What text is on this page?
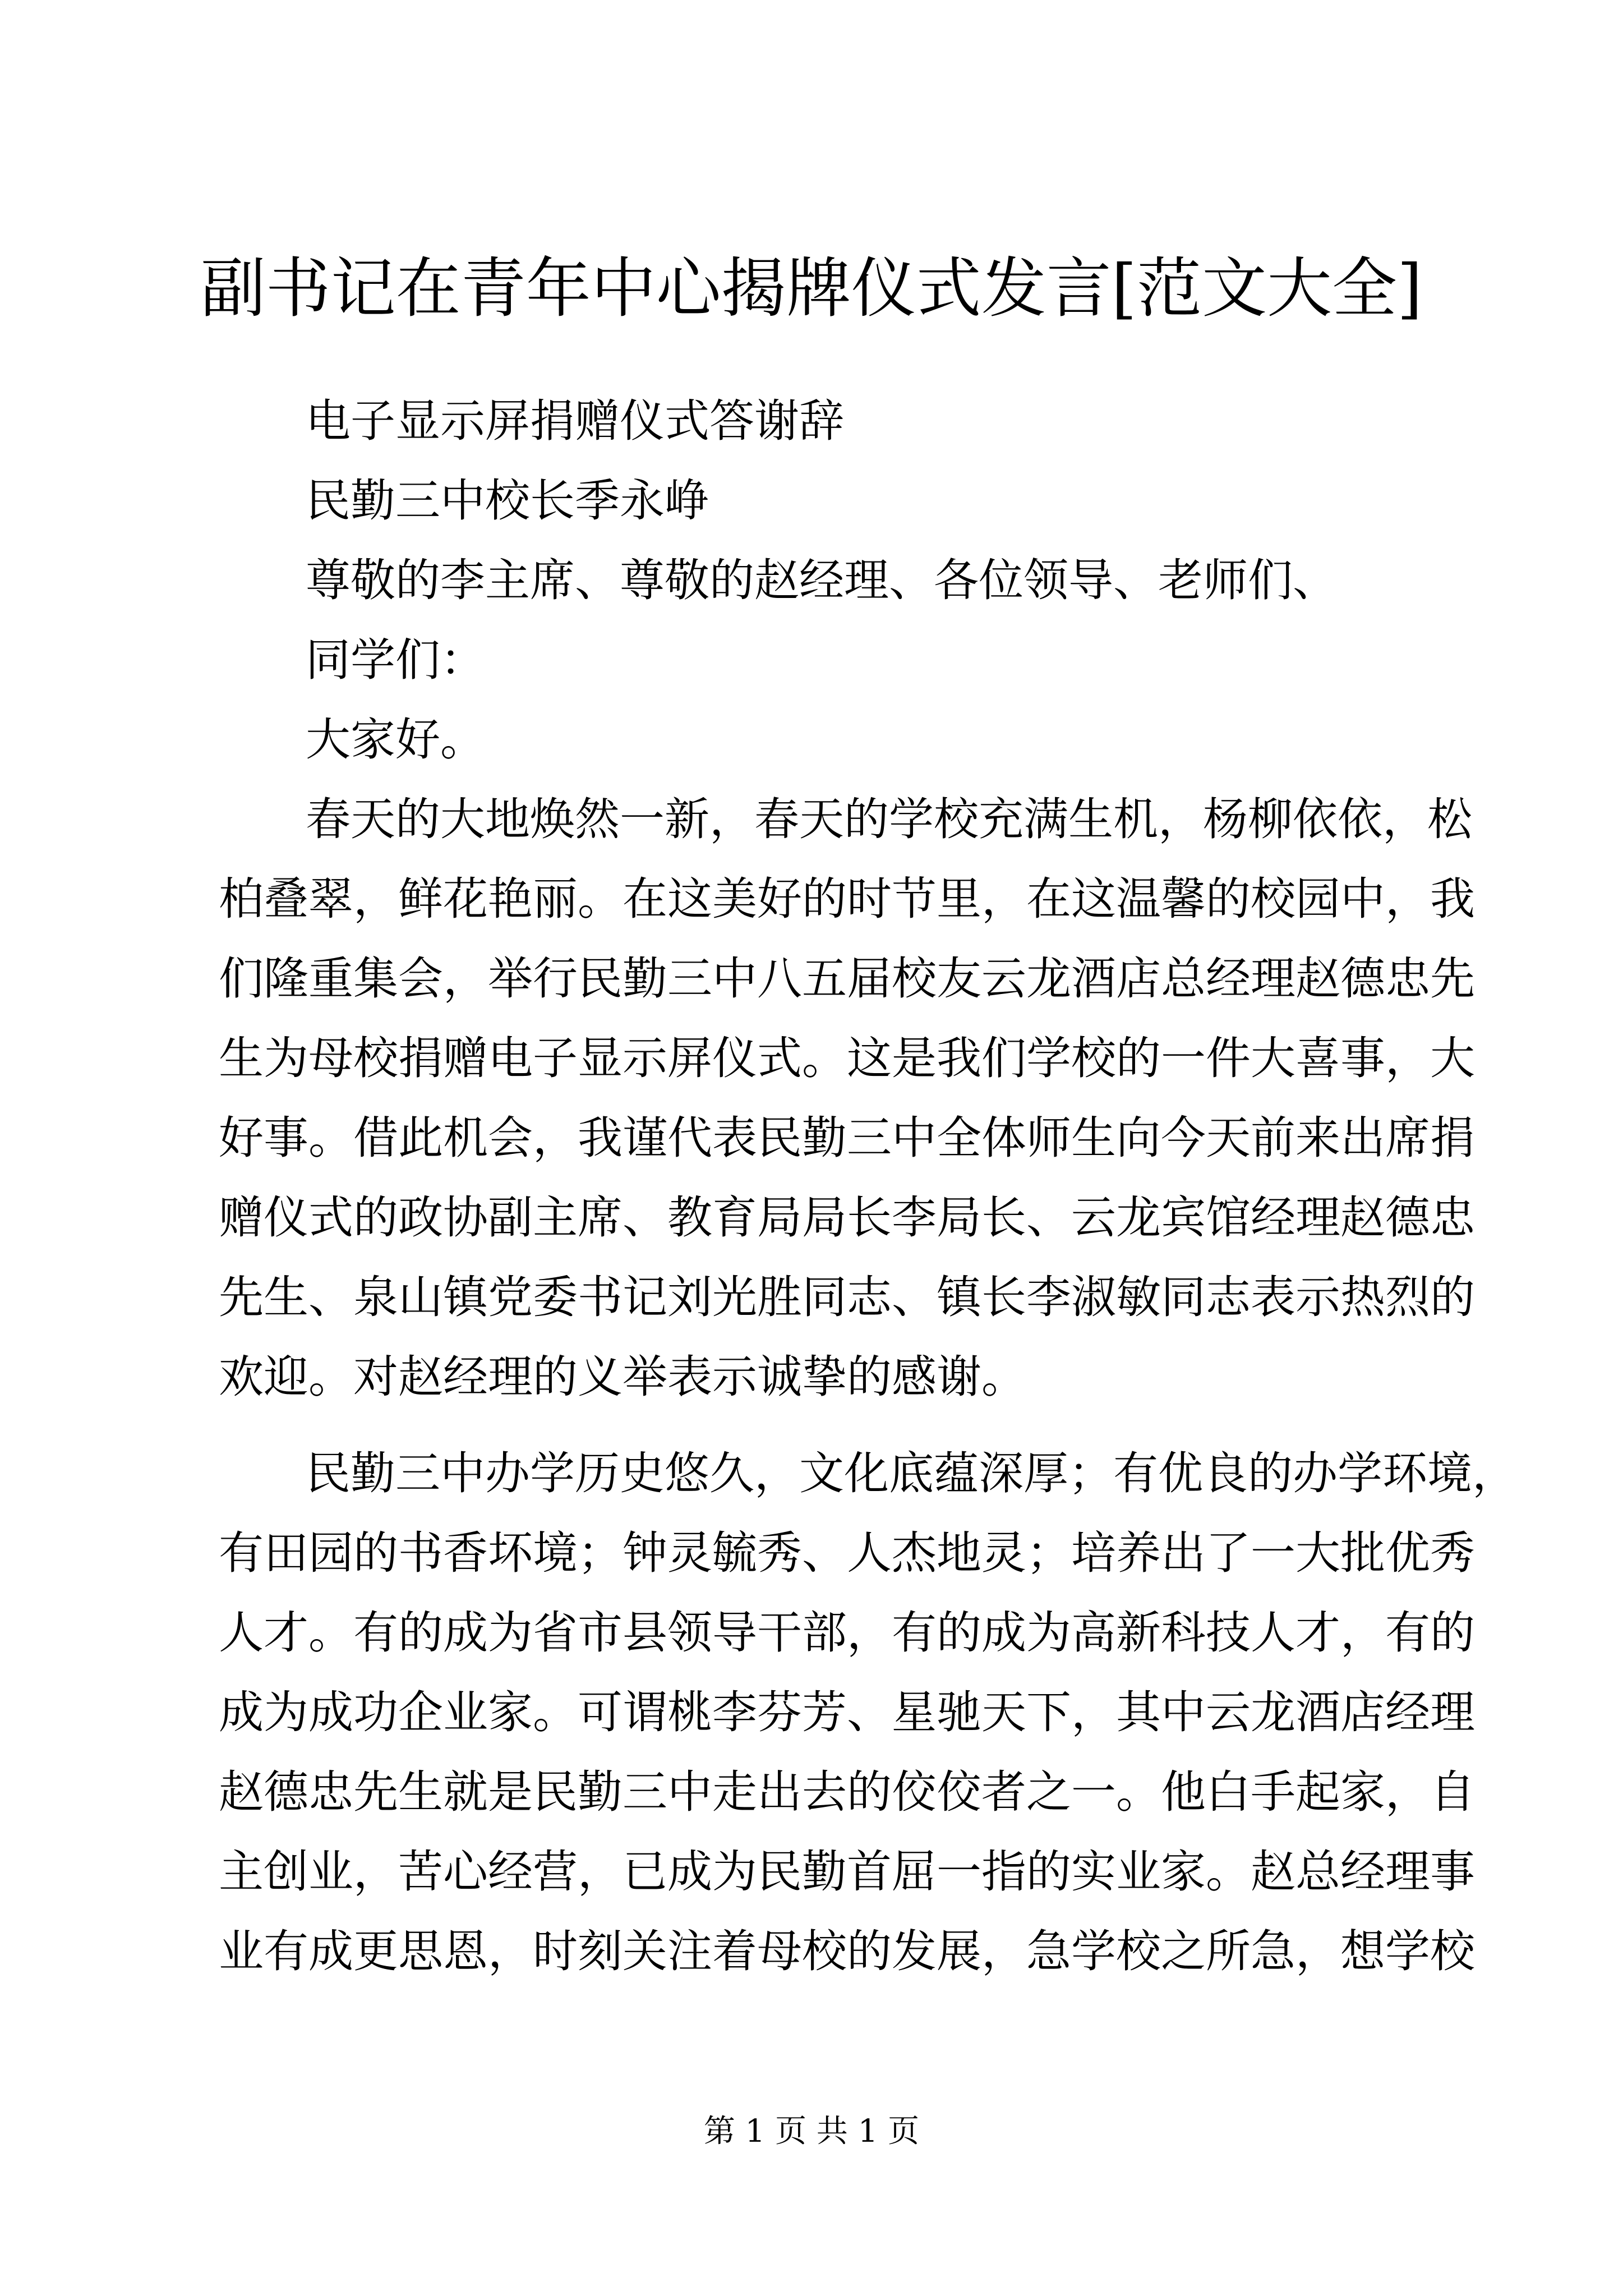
副书记在青年中心揭牌仪式发言[范文大全]

电子显示屏捐赠仪式答谢辞

民勤三中校长季永峥

尊敬的李主席、尊敬的赵经理、各位领导、老师们、

同学们：

大家好。

春天的大地焕然一新，春天的学校充满生机，杨柳依依，松

柏叠翠，鲜花艳丽。在这美好的时节里，在这温馨的校园中，我

们隆重集会，举行民勤三中八五届校友云龙酒店总经理赵德忠先

生为母校捐赠电子显示屏仪式。这是我们学校的一件大喜事，大

好事。借此机会，我谨代表民勤三中全体师生向今天前来出席捐

赠仪式的政协副主席、教育局局长李局长、云龙宾馆经理赵德忠

先生、泉山镇党委书记刘光胜同志、镇长李淑敏同志表示热烈的

欢迎。对赵经理的义举表示诚挚的感谢。

民勤三中办学历史悠久，文化底蕴深厚；有优良的办学环境，

有田园的书香坏境；钟灵毓秀、人杰地灵；培养出了一大批优秀

人才。有的成为省市县领导干部，有的成为高新科技人才，有的

成为成功企业家。可谓桃李芬芳、星驰天下，其中云龙酒店经理

赵德忠先生就是民勤三中走出去的佼佼者之一。他白手起家，自

主创业，苦心经营，已成为民勤首屈一指的实业家。赵总经理事

业有成更思恩，时刻关注着母校的发展，急学校之所急，想学校

第 1 页 共 1 页
